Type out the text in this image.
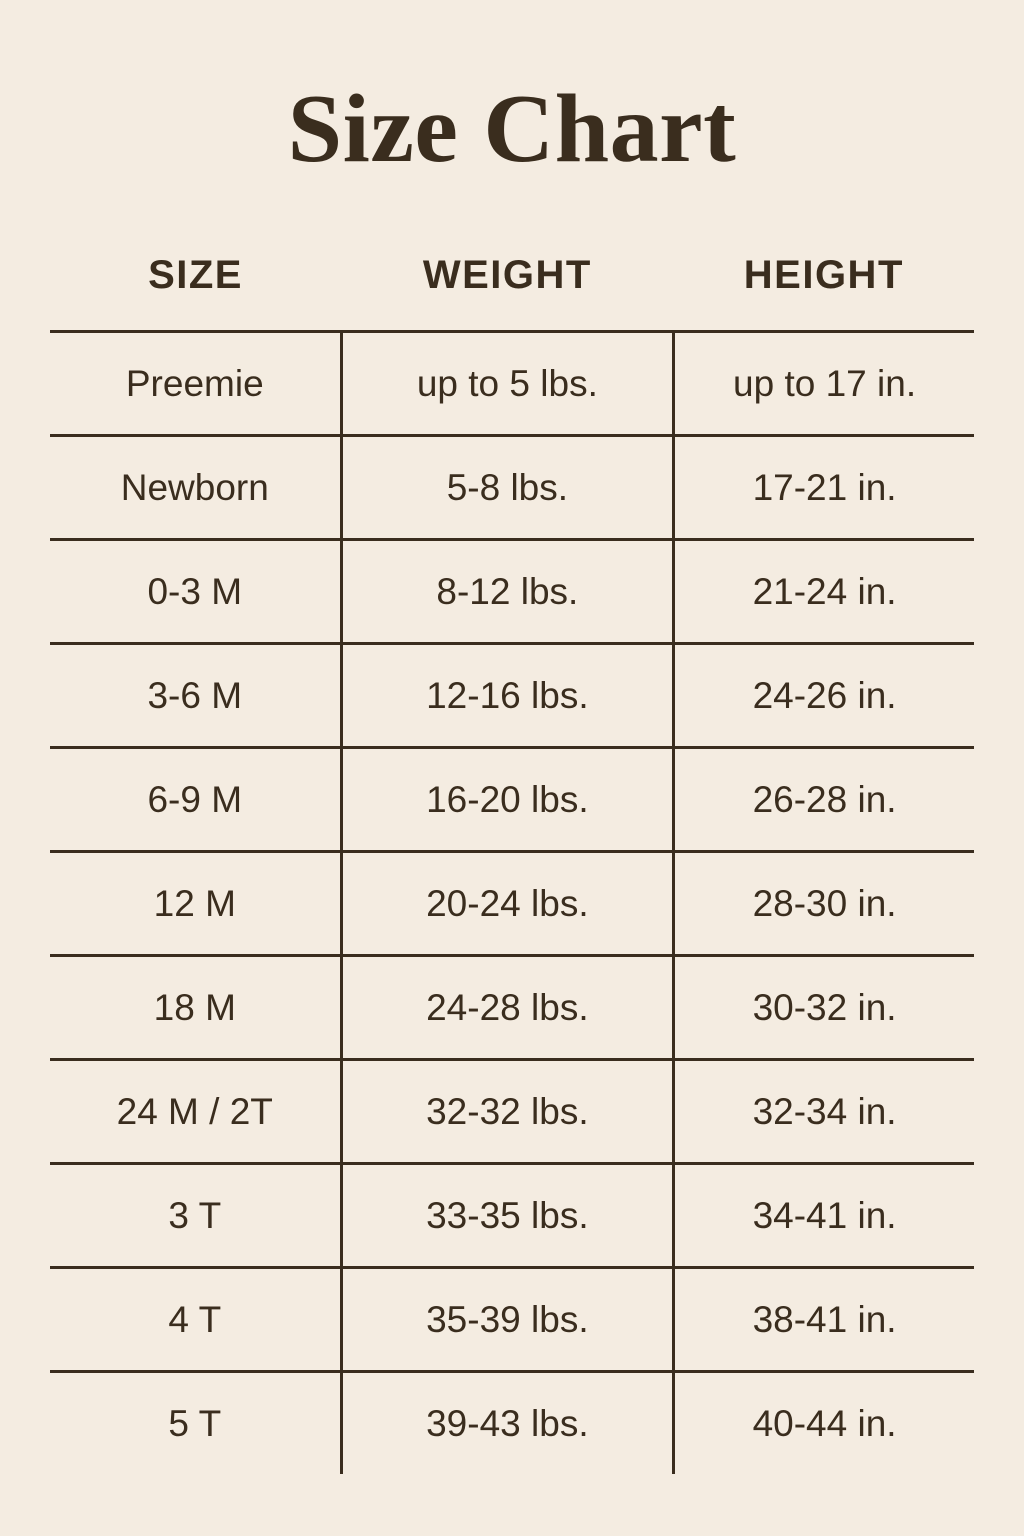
Size Chart
SIZE	WEIGHT	HEIGHT

Preemie	up to 5 lbs.	up to 17 in.

Newborn	5-8 lbs.	17-21 in.

0-3 M	8-12 lbs.	21-24 in.

3-6 M	12-16 lbs.	24-26 in.

6-9 M	16-20 lbs.	26-28 in.

12 M	20-24 lbs.	28-30 in.

18 M	24-28 lbs.	30-32 in.

24 M / 2T	32-32 lbs.	32-34 in.

3 T	33-35 lbs.	34-41 in.

4 T	35-39 lbs.	38-41 in.

5 T	39-43 lbs.	40-44 in.
